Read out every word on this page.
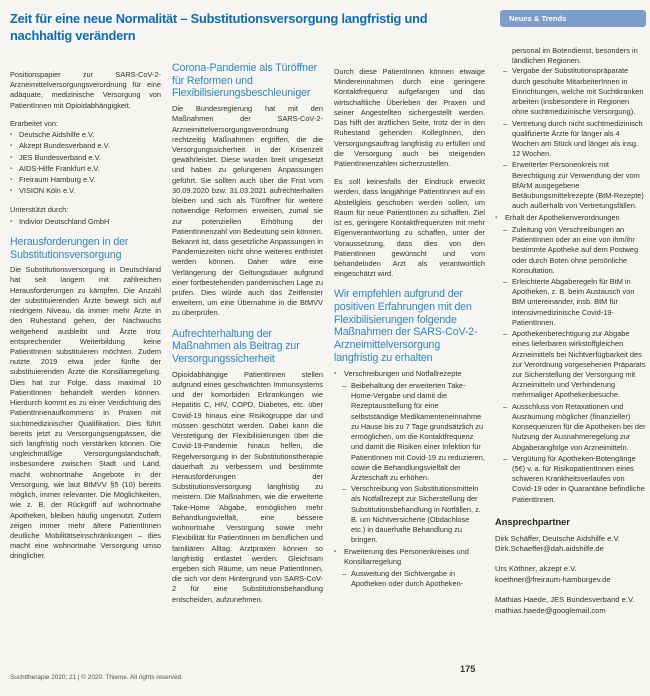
Neues & Trends
Zeit für eine neue Normalität – Substitutionsversorgung langfristig und nachhaltig verändern

Positionspapier zur SARS-CoV-2-Arzneimittelversorgungsverordnung für eine adäquate, medizinische Versorgung von PatientInnen mit Opioidabhängigkeit.

Erarbeitet von:

▪ Deutsche Aidshilfe e.V.
▪ Akzept Bundesverband e.V.
▪ JES Bundesverband e.V.
▪ AIDS-Hilfe Frankfurt e.V.
▪ Freiraum Hamburg e.V.
▪ VISION Köln e.V.

Unterstützt durch:

▪ Indivior Deutschland GmbH
Herausforderungen in der Substitutionsversorgung

Die Substitutionsversorgung in Deutschland hat seit langem mit zahlreichen Herausforderungen zu kämpfen. Die Anzahl der substituierenden Ärzte bewegt sich auf niedrigem Niveau, da immer mehr Ärzte in den Ruhestand gehen, der Nachwuchs weitgehend ausbleibt und Ärzte trotz entsprechender Weiterbildung keine PatientInnen substituieren möchten. Zudem nutzte 2019 etwa jeder fünfte der substituierenden Ärzte die Konsiliarregelung. Dies hat zur Folge, dass maximal 10 PatientInnen behandelt werden können. Hierdurch kommt es zu einer Verdichtung des PatientInnenaufkommens in Praxen mit suchtmedizinischer Qualifikation. Dies führt bereits jetzt zu Versorgungsengpässen, die sich langfristig noch verstärken können. Die ungleichmäßige Versorgungslandschaft, insbesondere zwischen Stadt und Land, macht wohnortnahe Angebote in der Versorgung, wie laut BtMVV §5 (10) bereits möglich, immer relevanter. Die Möglichkeiten, wie z. B. der Rückgriff auf wohnortnahe Apotheken, bleiben häufig ungenutzt. Zudem zeigen immer mehr ältere PatientInnen deutliche Mobilitätseinschränkungen – dies macht eine wohnortnahe Versorgung umso dringlicher.

Corona-Pandemie als Türöffner für Reformen und Flexibilisierungsbeschleuniger

Die Bundesregierung hat mit den Maßnahmen der SARS-CoV-2-Arzneimittelversorgungsverordnung rechtzeitig Maßnahmen ergriffen, die die Versorgungssicherheit in der Krisenzeit gewährleistet. Diese wurden breit umgesetzt und haben zu gelungenen Anpassungen geführt. Sie sollten auch über die Frist vom 30.09.2020 bzw. 31.03.2021 aufrechterhalten bleiben und sich als Türöffner für weitere notwendige Reformen erweisen, zumal sie zur potenziellen Erhöhung der PatientInnenzahl von Bedeutung sein können.

Bekannt ist, dass gesetzliche Anpassungen in Pandemiezeiten nicht ohne weiteres entfristet werden können. Daher wäre eine Verlängerung der Geltungsdauer aufgrund einer fortbestehenden pandemischen Lage zu prüfen. Dies würde auch das Zeitfenster erweitern, um eine Übernahme in die BtMVV zu überprüfen.

Aufrechterhaltung der Maßnahmen als Beitrag zur Versorgungssicherheit

Opioidabhängige PatientInnen stellen aufgrund eines geschwächten Immunsystems und der komorbiden Erkrankungen wie Hepatitis C, HIV, COPD, Diabetes, etc. über Covid-19 hinaus eine Risikogruppe dar und müssen geschützt werden. Dabei kann die Verstetigung der Flexibilisierungen über die Covid-19-Pandemie hinaus helfen, die Regelversorgung in der Substitutionstherapie dauerhaft zu verbessern und bestimmte Herausforderungen der Substitutionsversorgung langfristig zu meistern. Die Maßnahmen, wie die erweiterte Take-Home Abgabe, ermöglichen mehr Behandlungsvielfalt, eine bessere wohnortnahe Versorgung sowie mehr Flexibilität für PatientInnen im beruflichen und familiären Alltag. Arztpraxen können so langfristig entlastet werden. Gleichsam ergeben sich Räume, um neue PatientInnen, die sich vor dem Hintergrund von SARS-CoV-2 für eine Substitutionsbehandlung entscheiden, aufzunehmen.

Durch diese PatientInnen können etwaige Mindereinnahmen durch eine geringere Kontaktfrequenz aufgefangen und das wirtschaftliche Überleben der Praxen und seiner Angestellten sichergestellt werden. Das hilft der ärztlichen Seite, trotz der in den Ruhestand gehenden KollegInnen, den Versorgungsauftrag langfristig zu erfüllen und die Versorgung auch bei steigenden PatientInnenzahlen sicherzustellen.

Es soll keinesfalls der Eindruck erweckt werden, dass langjährige PatientInnen auf ein Abstellgleis geschoben werden sollen, um Raum für neue PatientInnen zu schaffen. Ziel ist es, geringere Kontaktfrequenzen mit mehr Eigenverantwortung zu schaffen, unter der Voraussetzung, dass dies von den PatientInnen gewünscht und vom behandelnden Arzt als verantwortlich eingeschätzt wird.

Wir empfehlen aufgrund der positiven Erfahrungen mit den Flexibilisierungen folgende Maßnahmen der SARS-CoV-2-Arzneimittelversorgung langfristig zu erhalten
▪	Verschreibungen und Notfallrezepte
– Beibehaltung der erweiterten Take-Home-Vergabe und damit die Rezeptausstellung für eine selbstständige Medikamenteneinnahme zu Hause bis zu 7 Tage grundsätzlich zu ermöglichen, um die Kontaktfrequenz und damit die Risiken einer Infektion für PatientInnen mit Covid-19 zu reduzieren, sowie die Behandlungsvielfalt der Ärzteschaft zu erhöhen.
– Verschreibung von Substitutionsmitteln als Notfallrezept zur Sicherstellung der Substitutionsbehandlung in Notfällen, z. B. um Nichtversicherte (Obdachlose etc.) in dauerhafte Behandlung zu bringen.
▪	Erweiterung des Personenkreises und Konsiliarregelung
– Ausweitung der Sichtvergabe in Apotheken oder durch Apotheken-

personal im Botendienst, besonders in ländlichen Regionen.

– Vergabe der Substitutionspräparate durch geschulte MitarbeiterInnen in Einrichtungen, welche mit Suchtkranken arbeiten (insbesondere in Regionen ohne suchtmedizinische Versorgung).
– Vertretung durch nicht suchtmedizinisch qualifizierte Ärzte für länger als 4 Wochen am Stück und länger als insg. 12 Wochen.
– Erweiterter Personenkreis mit Berechtigung zur Verwendung der vom BfArM ausgegebene Betäubungsmittelrezepte (BtM-Rezepte) auch außerhalb von Vertretungsfällen.
▪	Erhalt der Apothekenverordnungen
– Zuleitung von Verschreibungen an PatientInnen oder an eine von ihm/ihr bestimmte Apotheke auf dem Postweg oder durch Boten ohne persönliche Konsultation.
– Erleichterte Abgaberegeln für BtM in Apotheken, z. B. beim Austausch von BtM untereinander, insb. BtM für intensivmedizinische Covid-19-PatientInnen.
– Apothekenberechtigung zur Abgabe eines lieferbaren wirkstoffgleichen Arzneimittels bei Nichtverfügbarkeit des zur Verordnung vorgesehenen Präparats zur Sicherstellung der Versorgung mit Arzneimitteln und Verhinderung mehrmaliger Apothekenbesuche.
– Ausschluss von Retaxationen und Ausräumung möglicher (finanzieller) Konsequenzen für die Apotheken bei der Nutzung der Ausnahmeregelung zur Abgaberangfolge von Arzneimitteln.
– Vergütung für Apotheken-Botengänge (5€) v. a. für RisikopatientInnen eines schweren Krankheitsverlaufes von Covid-19 oder in Quarantäne befindliche PatientInnen.
Ansprechpartner
Dirk Schäffer, Deutsche Aidshilfe e.V.
Dirk.Schaeffer@dah.aidshilfe.de
Urs Köthner, akzept e.V.
koethner@freiraum-hamburgev.de
Mathias Haede, JES Bundesverband e.V.
mathias.haede@googlemail.com
Suchttherapie 2020; 21 | © 2020. Thieme. All rights reserved.
175
